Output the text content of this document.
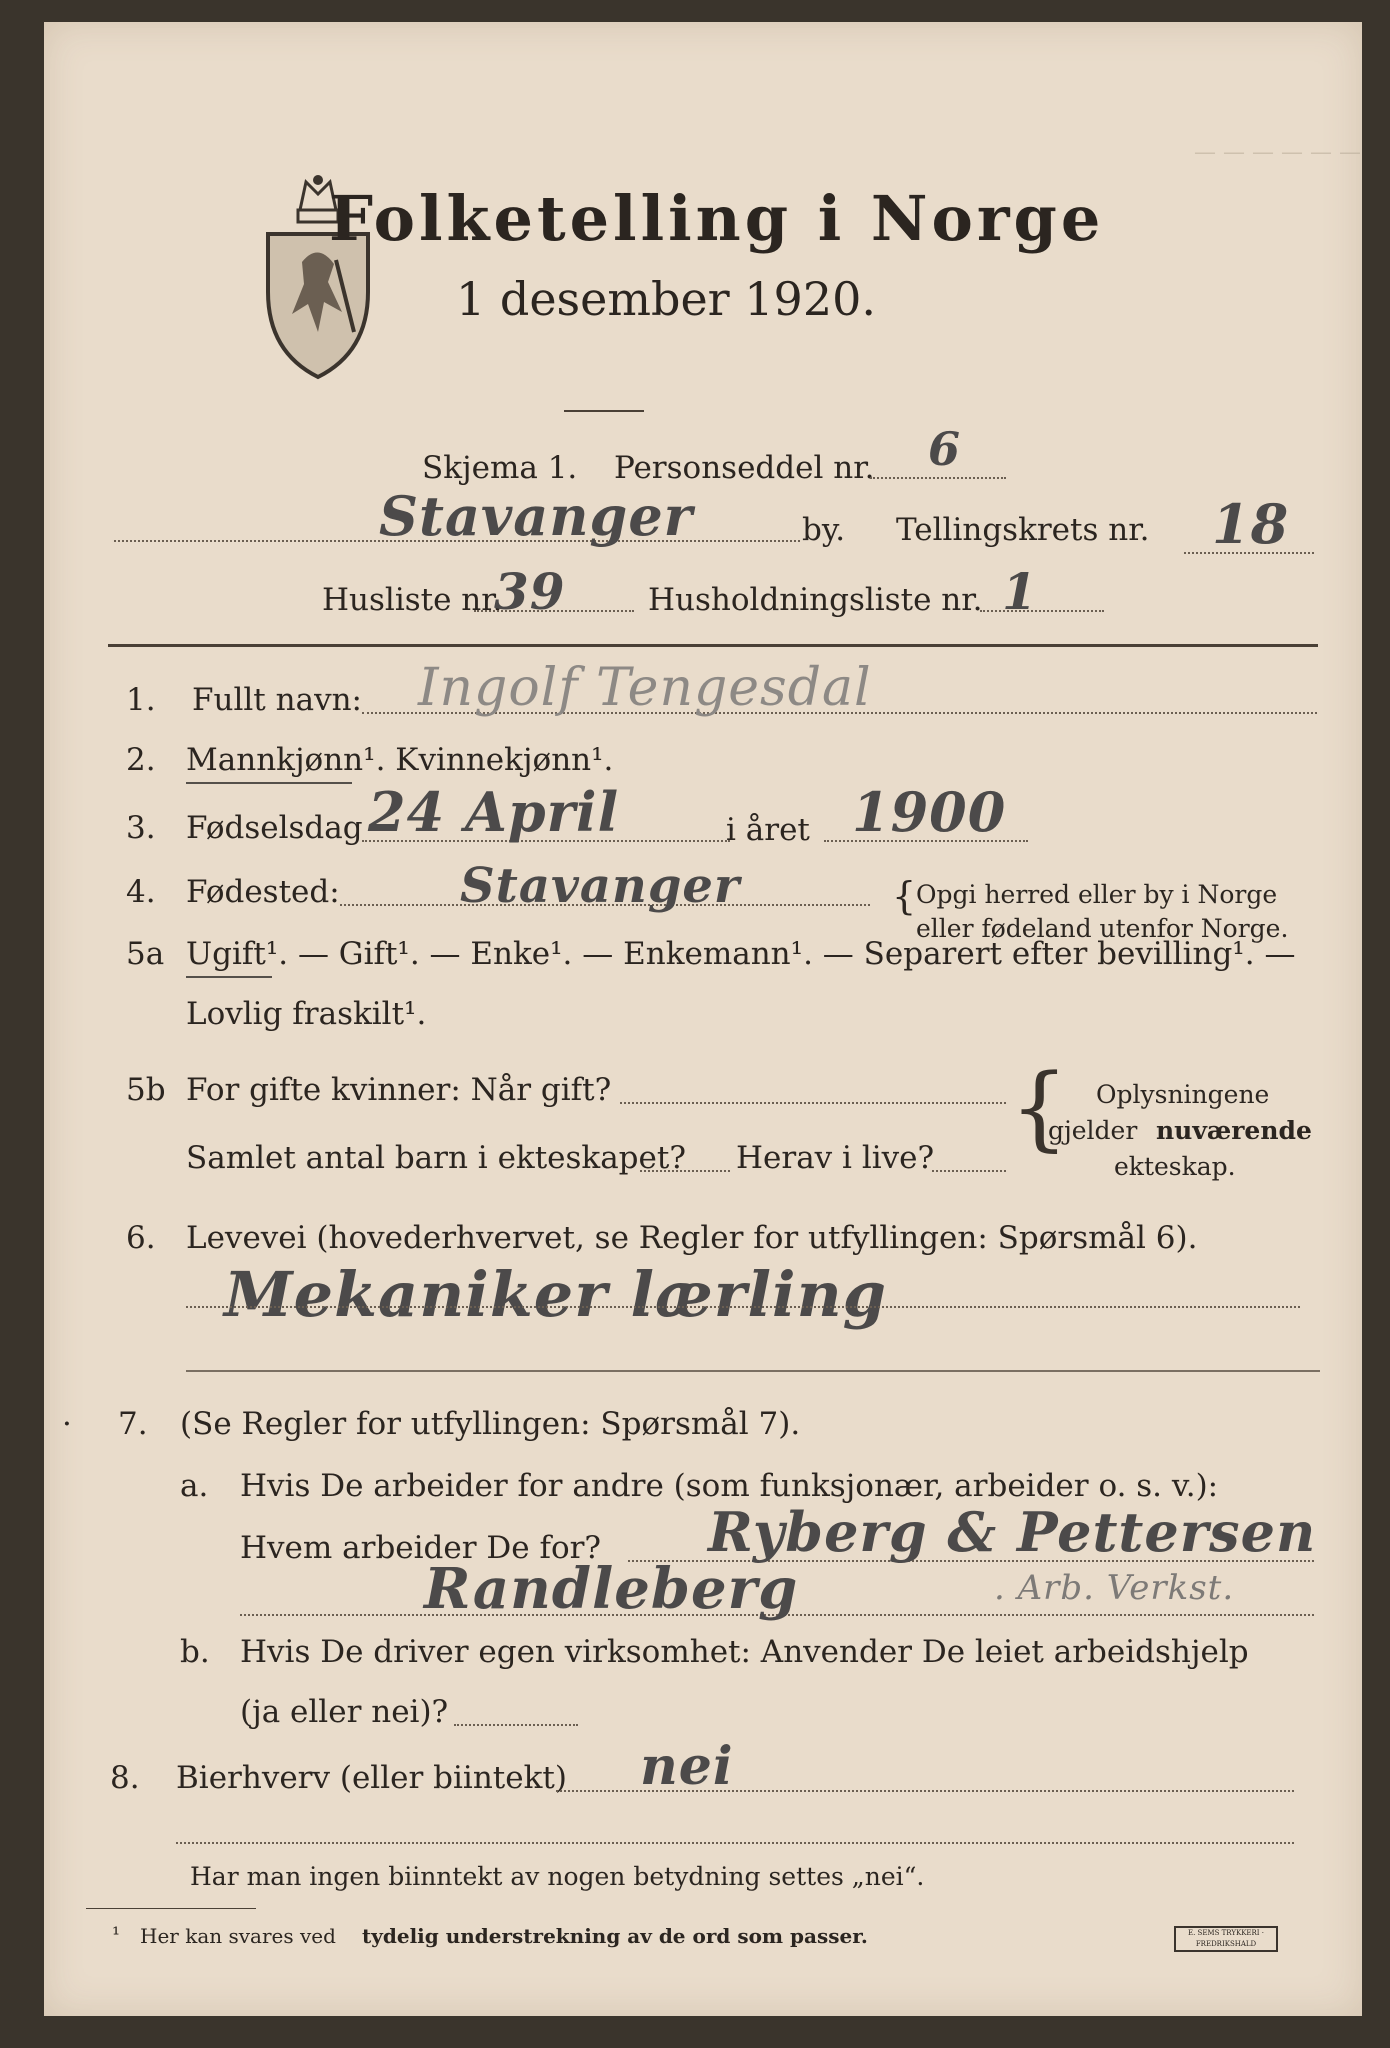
— — — — — —
Folketelling i Norge
1 desember 1920.
Skjema 1. Personseddel nr. 6
Stavanger	by. Tellingskrets nr. 18
Husliste nr.
39	Husholdningsliste nr. 1
1. Fullt navn: Ingolf Tengesdal
2. Mannkjønn¹. Kvinnekjønn¹.
3. Fødselsdag 24 April	i året 1900
4. Fødested:	Stavanger	{ Opgi herred eller by i Norge
eller fødeland utenfor Norge.
5a Ugift¹. — Gift¹. — Enke¹. — Enkemann¹. — Separert efter bevilling¹. —
Lovlig fraskilt¹.
5b For gifte kvinner: Når gift?
Samlet antal barn i ekteskapet? Herav i live? { Oplysningene
gjelder nuværende
ekteskap.
6. Levevei (hovederhvervet, se Regler for utfyllingen: Spørsmål 6).
Mekaniker lærling
· 7. (Se Regler for utfyllingen: Spørsmål 7).
a. Hvis De arbeider for andre (som funksjonær, arbeider o. s. v.):
Hvem arbeider De for? Ryberg & Pettersen
Randleberg	. Arb. Verkst.
b. Hvis De driver egen virksomhet: Anvender De leiet arbeidshjelp
(ja eller nei)?
8. Bierhverv (eller biintekt) nei
Har man ingen biinntekt av nogen betydning settes „nei“.
¹ Her kan svares ved tydelig understrekning av de ord som passer.	E. SEMS TRYKKERI · FREDRIKSHALD
